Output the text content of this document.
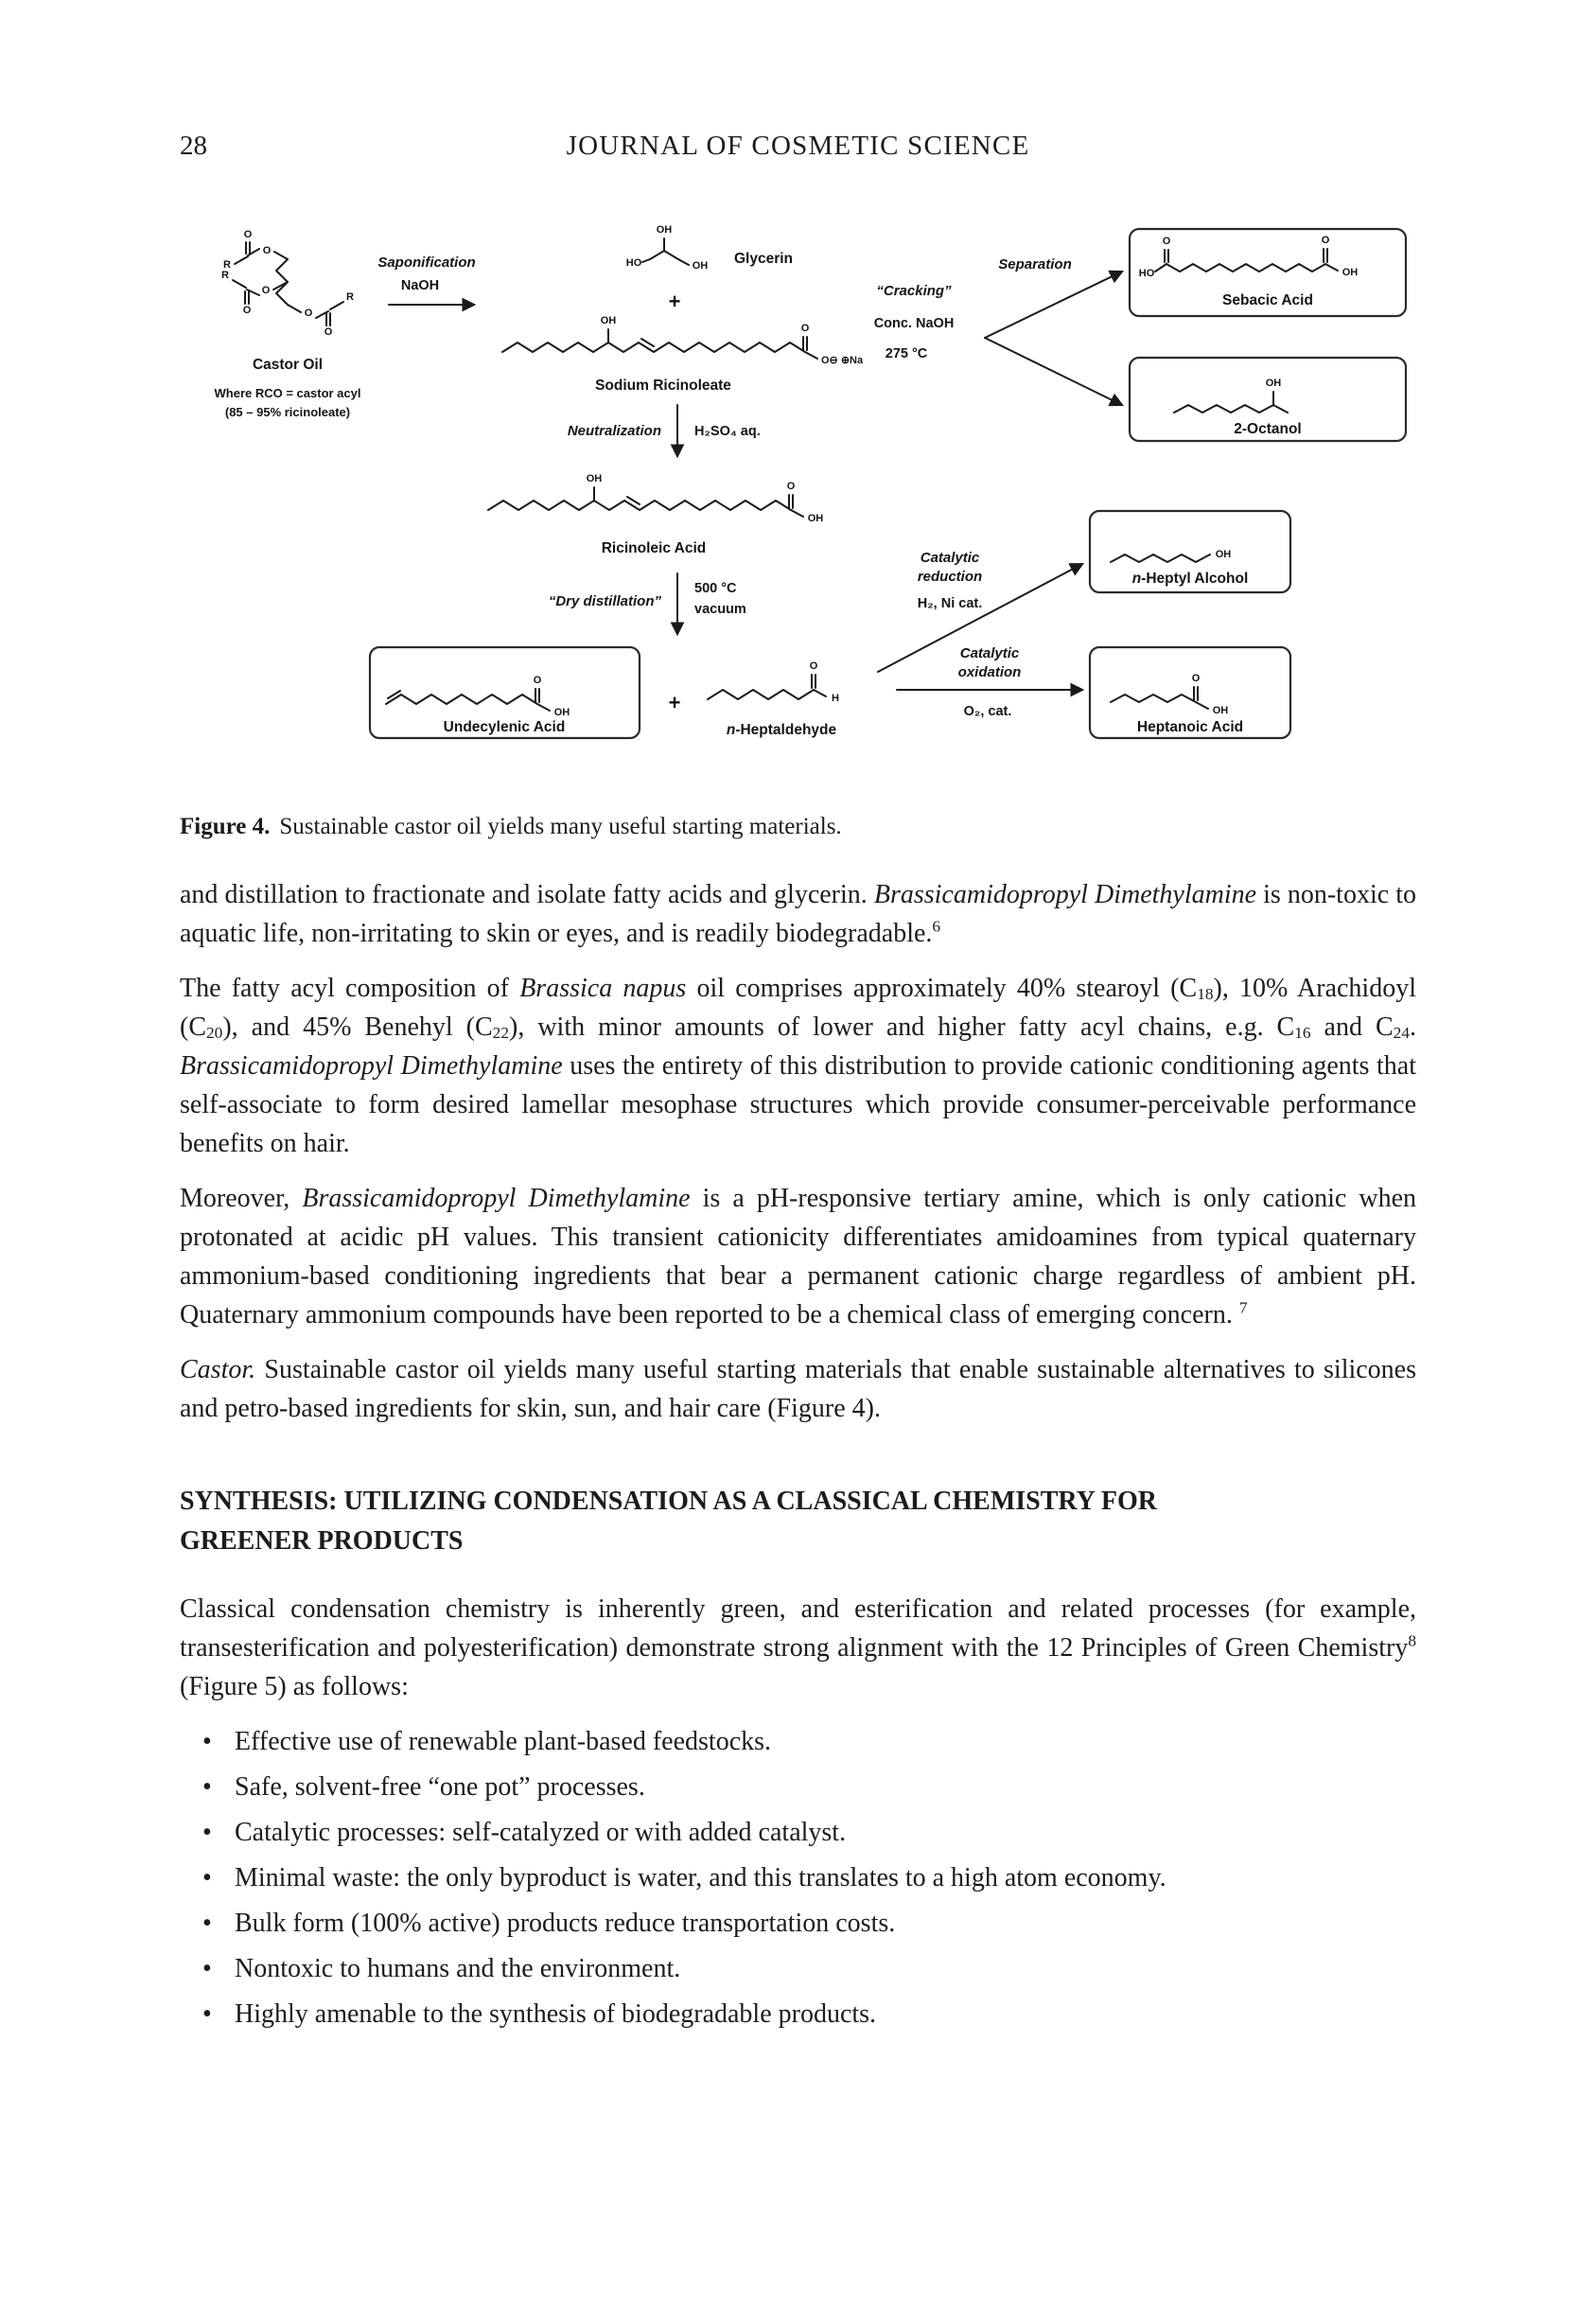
28	JOURNAL OF COSMETIC SCIENCE
O
O
R
O
O
R
O
O
R
Castor Oil
Where RCO = castor acyl
(85 – 95% ricinoleate)
Saponification
NaOH
HO
OH
OH Glycerin
+
OH
O
O⊖ ⊕Na
Sodium Ricinoleate
“Cracking”
Conc. NaOH
275 °C
Separation
HO
O	O
OH
Sebacic Acid
OH
2-Octanol
Neutralization H₂SO₄ aq.
OH
O
OH
Ricinoleic Acid
“Dry distillation”
500 °C
vacuum
O
OH
Undecylenic Acid
+
O
H
n-Heptaldehyde
Catalytic
reduction
H₂, Ni cat.
OH
n-Heptyl Alcohol
Catalytic
oxidation
O₂, cat.
O
OH
Heptanoic Acid
Figure 4. Sustainable castor oil yields many useful starting materials.

and distillation to fractionate and isolate fatty acids and glycerin. Brassicamidopropyl Dimethylamine is non-toxic to aquatic life, non-irritating to skin or eyes, and is readily biodegradable.$^6$

The fatty acyl composition of Brassica napus oil comprises approximately 40% stearoyl $(C_{18})$, 10% Arachidoyl $(C_{20})$, and 45% Benehyl $(C_{22})$, with minor amounts of lower and higher fatty acyl chains, e.g. $C_{16}$ and $C_{24}$. Brassicamidopropyl Dimethylamine uses the entirety of this distribution to provide cationic conditioning agents that self-associate to form desired lamellar mesophase structures which provide consumer-perceivable performance benefits on hair.

Moreover, Brassicamidopropyl Dimethylamine is a pH-responsive tertiary amine, which is only cationic when protonated at acidic pH values. This transient cationicity differentiates amidoamines from typical quaternary ammonium-based conditioning ingredients that bear a permanent cationic charge regardless of ambient pH. Quaternary ammonium compounds have been reported to be a chemical class of emerging concern. $^7$

Castor. Sustainable castor oil yields many useful starting materials that enable sustainable alternatives to silicones and petro-based ingredients for skin, sun, and hair care (Figure 4).

SYNTHESIS: UTILIZING CONDENSATION AS A CLASSICAL CHEMISTRY FOR
GREENER PRODUCTS

Classical condensation chemistry is inherently green, and esterification and related processes (for example, transesterification and polyesterification) demonstrate strong alignment with the 12 Principles of Green Chemistry$^8$ (Figure 5) as follows:

• Effective use of renewable plant-based feedstocks.
• Safe, solvent-free “one pot” processes.
• Catalytic processes: self-catalyzed or with added catalyst.
• Minimal waste: the only byproduct is water, and this translates to a high atom economy.
• Bulk form (100% active) products reduce transportation costs.
• Nontoxic to humans and the environment.
• Highly amenable to the synthesis of biodegradable products.
